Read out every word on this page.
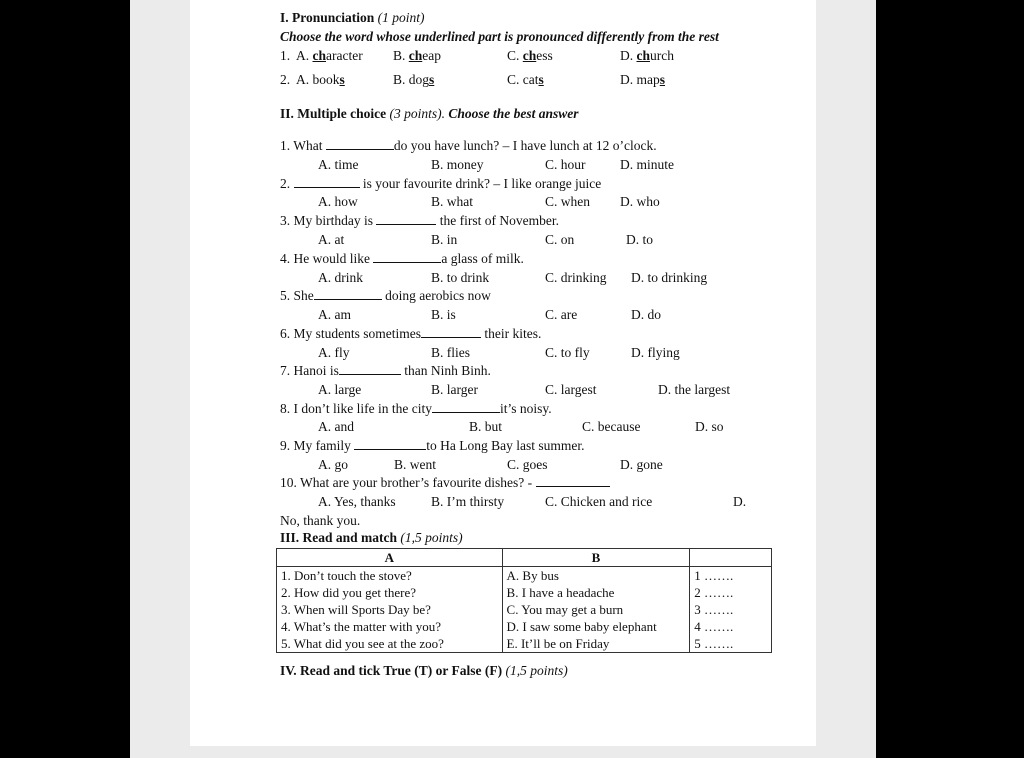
I. Pronunciation (1 point)
Choose the word whose underlined part is pronounced differently from the rest
1. A. character B. cheap	C. chess	D. church
2. A. books	B. dogs	C. cats	D. maps
II. Multiple choice (3 points). Choose the best answer
1. What	do you have lunch? – I have lunch at 12 o’clock.
A. time	B. money	C. hour	D. minute
2.	is your favourite drink? – I like orange juice
A. how	B. what	C. when D. who
3. My birthday is	the first of November.
A. at	B. in	C. on	D. to
4. He would like	a glass of milk.
A. drink	B. to drink	C. drinking D. to drinking
5. She	doing aerobics now
A. am	B. is	C. are	D. do
6. My students sometimes	their kites.
A. fly	B. flies	C. to fly	D. flying
7. Hanoi is	than Ninh Binh.
A. large	B. larger	C. largest	D. the largest
8. I don’t like life in the city	it’s noisy.
A. and	B. but	C. because	D. so
9. My family	to Ha Long Bay last summer.
A. go	B. went	C. goes	D. gone
10. What are your brother’s favourite dishes? -
A. Yes, thanks	B. I’m thirsty	C. Chicken and rice	D.
No, thank you.
III. Read and match (1,5 points)
A	B	
1. Don’t touch the stove?	A. By bus	1 …….
2. How did you get there?	B. I have a headache	2 …….
3. When will Sports Day be?	C. You may get a burn	3 …….
4. What’s the matter with you?	D. I saw some baby elephant	4 …….
5. What did you see at the zoo?	E. It’ll be on Friday	5 …….
IV. Read and tick True (T) or False (F) (1,5 points)
